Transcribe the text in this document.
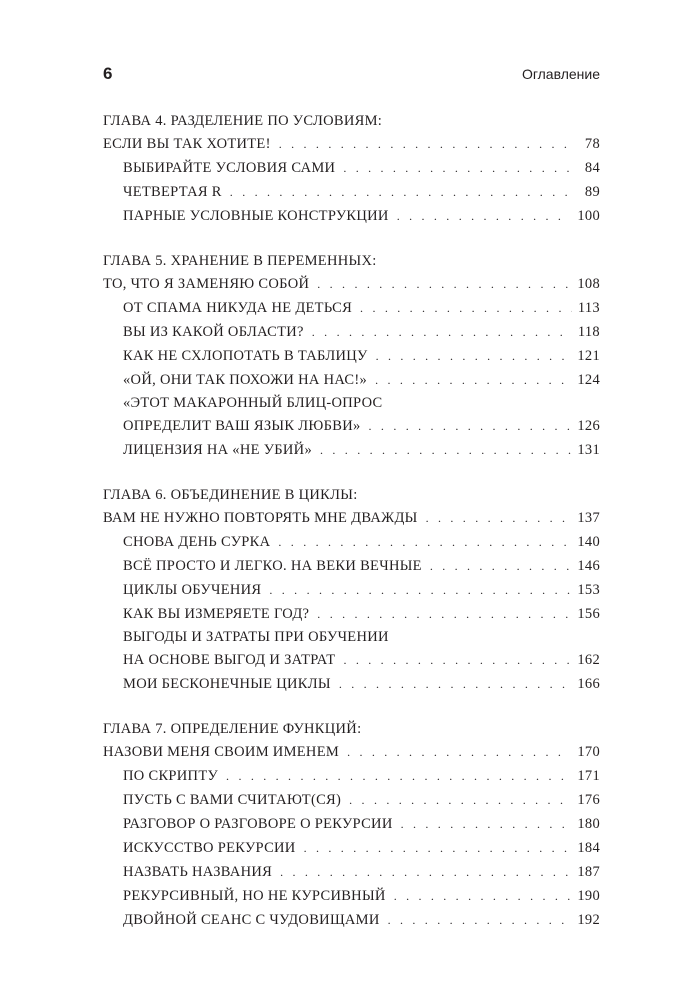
6	Оглавление
ГЛАВА 4. РАЗДЕЛЕНИЕ ПО УСЛОВИЯМ:
ЕСЛИ ВЫ ТАК ХОТИТЕ! . . .	78
ВЫБИРАЙТЕ УСЛОВИЯ САМИ . . .	84
ЧЕТВЕРТАЯ R . . .	89
ПАРНЫЕ УСЛОВНЫЕ КОНСТРУКЦИИ . . .	100
ГЛАВА 5. ХРАНЕНИЕ В ПЕРЕМЕННЫХ:
ТО, ЧТО Я ЗАМЕНЯЮ СОБОЙ . . .	108
ОТ СПАМА НИКУДА НЕ ДЕТЬСЯ . . .	113
ВЫ ИЗ КАКОЙ ОБЛАСТИ? . . .	118
КАК НЕ СХЛОПОТАТЬ В ТАБЛИЦУ . . .	121
«ОЙ, ОНИ ТАК ПОХОЖИ НА НАС!» . . .	124
«ЭТОТ МАКАРОННЫЙ БЛИЦ-ОПРОС
ОПРЕДЕЛИТ ВАШ ЯЗЫК ЛЮБВИ» . . .	126
ЛИЦЕНЗИЯ НА «НЕ УБИЙ» . . .	131
ГЛАВА 6. ОБЪЕДИНЕНИЕ В ЦИКЛЫ:
ВАМ НЕ НУЖНО ПОВТОРЯТЬ МНЕ ДВАЖДЫ . . .	137
СНОВА ДЕНЬ СУРКА . . .	140
ВСЁ ПРОСТО И ЛЕГКО. НА ВЕКИ ВЕЧНЫЕ . . .	146
ЦИКЛЫ ОБУЧЕНИЯ . . .	153
КАК ВЫ ИЗМЕРЯЕТЕ ГОД? . . .	156
ВЫГОДЫ И ЗАТРАТЫ ПРИ ОБУЧЕНИИ
НА ОСНОВЕ ВЫГОД И ЗАТРАТ . . .	162
МОИ БЕСКОНЕЧНЫЕ ЦИКЛЫ . . .	166
ГЛАВА 7. ОПРЕДЕЛЕНИЕ ФУНКЦИЙ:
НАЗОВИ МЕНЯ СВОИМ ИМЕНЕМ . . .	170
ПО СКРИПТУ . . .	171
ПУСТЬ С ВАМИ СЧИТАЮТ(СЯ) . . .	176
РАЗГОВОР О РАЗГОВОРЕ О РЕКУРСИИ . . .	180
ИСКУССТВО РЕКУРСИИ . . .	184
НАЗВАТЬ НАЗВАНИЯ . . .	187
РЕКУРСИВНЫЙ, НО НЕ КУРСИВНЫЙ . . .	190
ДВОЙНОЙ СЕАНС С ЧУДОВИЩАМИ . . .	192
